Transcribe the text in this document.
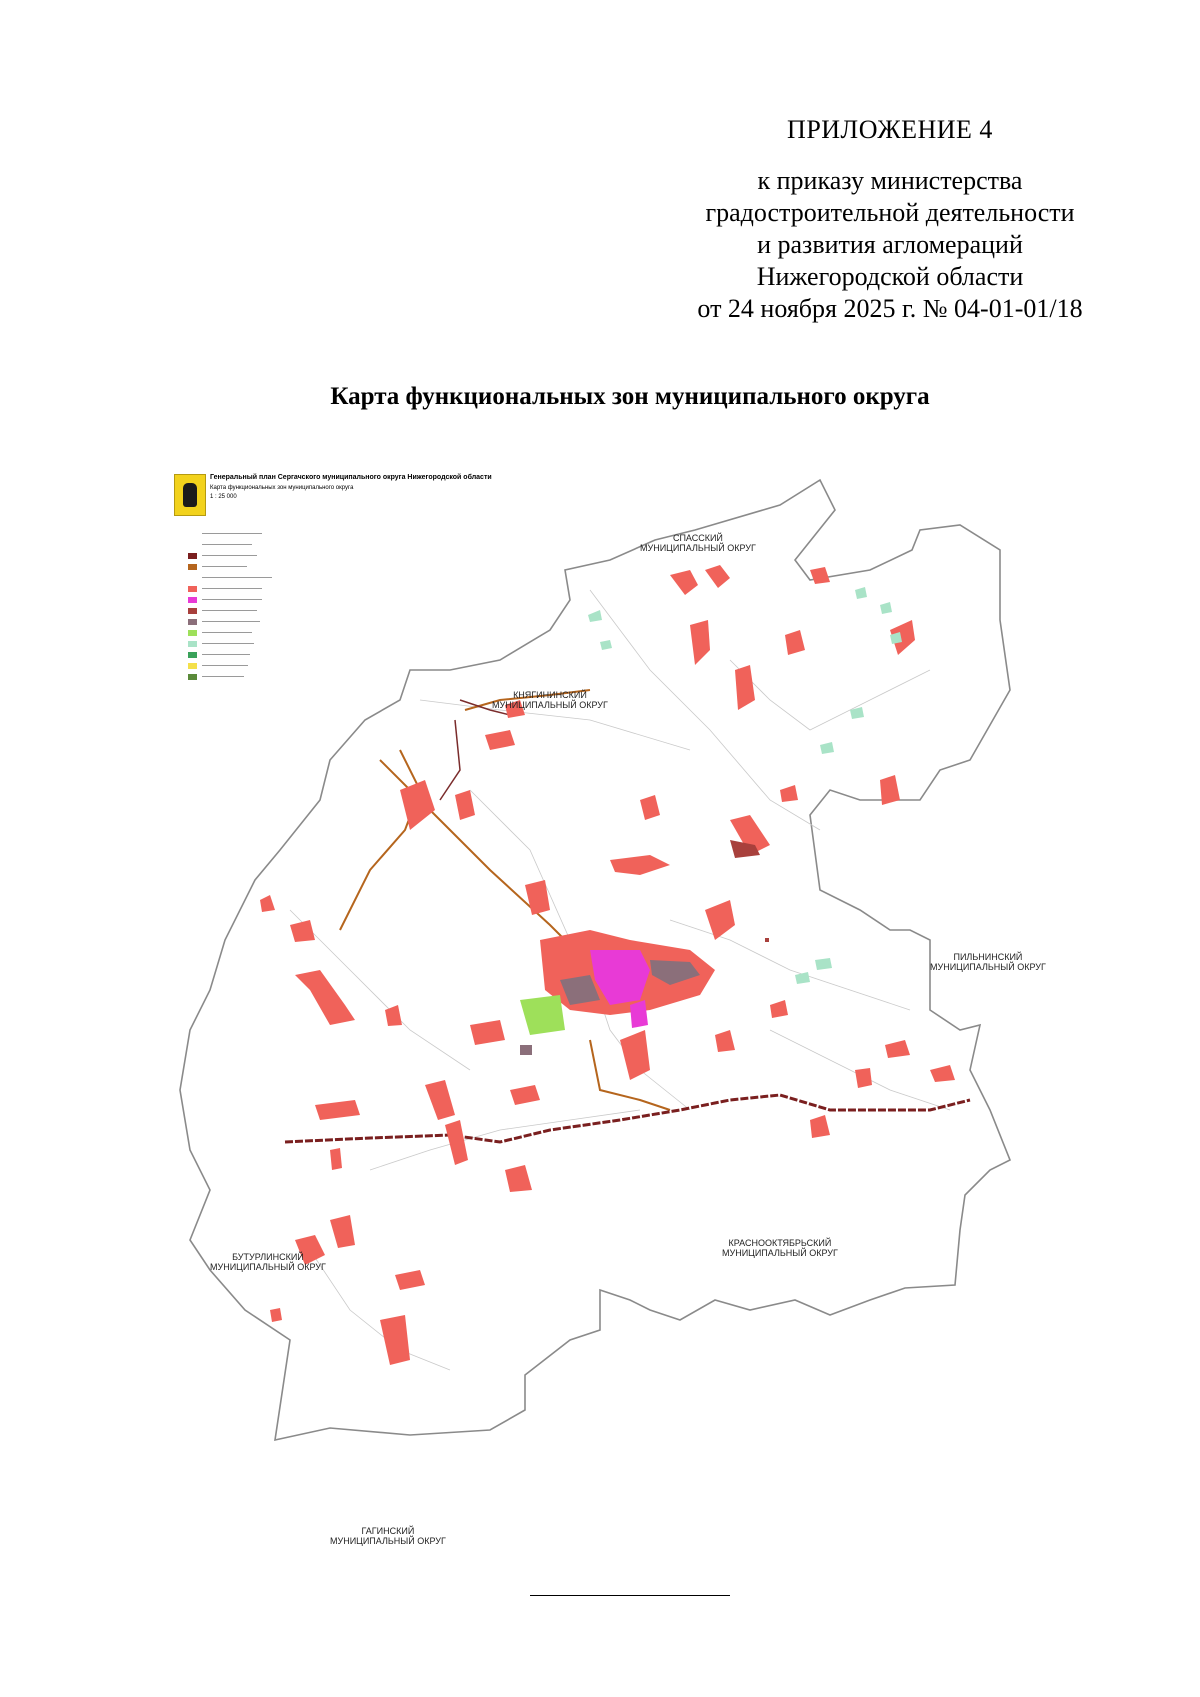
ПРИЛОЖЕНИЕ 4
к приказу министерства
градостроительной деятельности
и развития агломераций
Нижегородской области
от 24 ноября 2025 г. № 04-01-01/18
Карта функциональных зон муниципального округа
Генеральный план Сергачского муниципального округа Нижегородской области
Карта функциональных зон муниципального округа
1 : 25 000
СПАССКИЙ
МУНИЦИПАЛЬНЫЙ ОКРУГ
КНЯГИНИНСКИЙ
МУНИЦИПАЛЬНЫЙ ОКРУГ
ПИЛЬНИНСКИЙ
МУНИЦИПАЛЬНЫЙ ОКРУГ
БУТУРЛИНСКИЙ
МУНИЦИПАЛЬНЫЙ ОКРУГ
КРАСНООКТЯБРЬСКИЙ
МУНИЦИПАЛЬНЫЙ ОКРУГ
ГАГИНСКИЙ
МУНИЦИПАЛЬНЫЙ ОКРУГ
